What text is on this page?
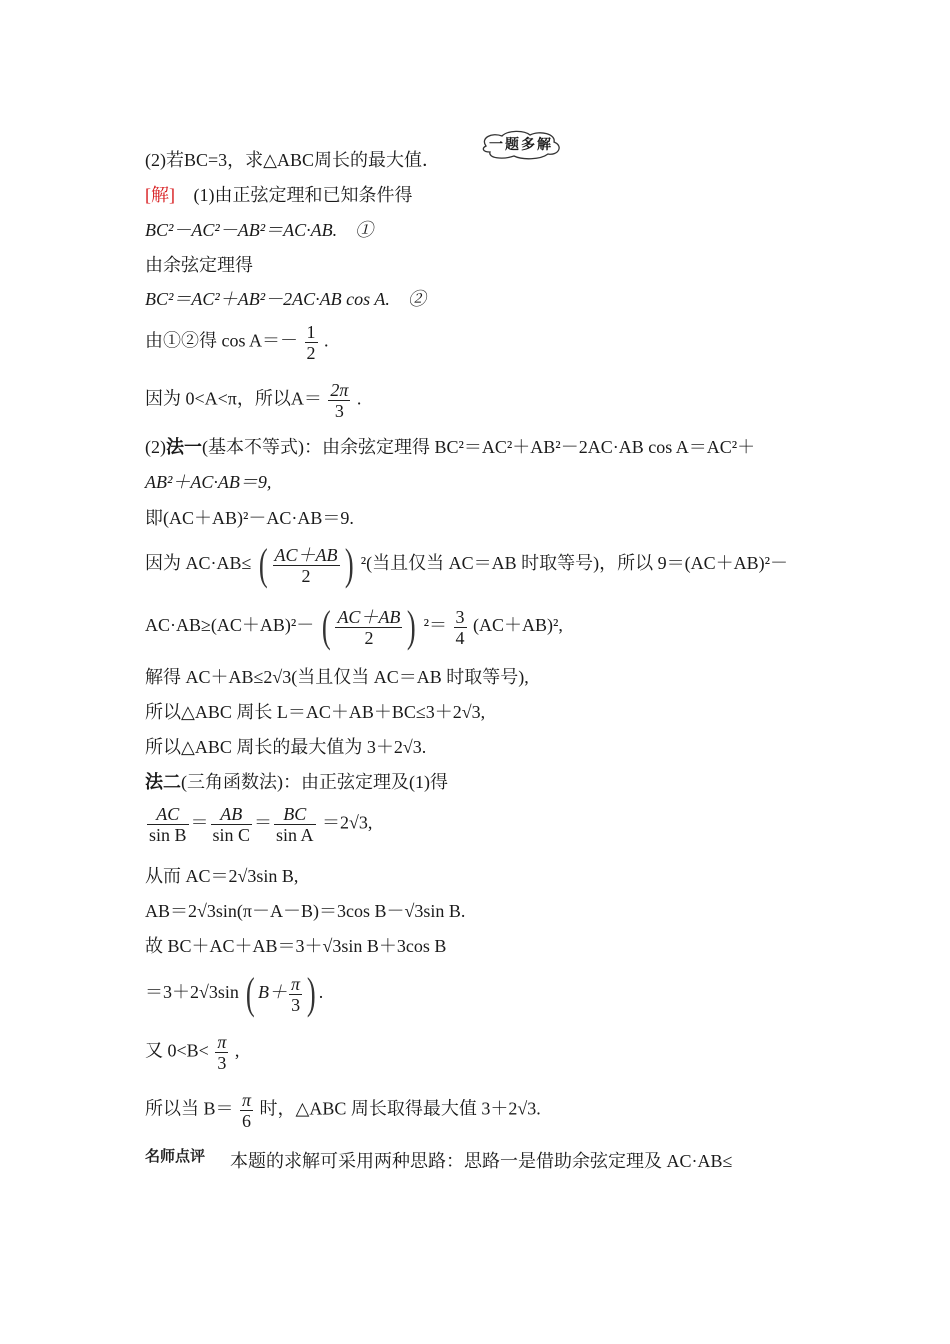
一题多解
(2)若BC=3，求△ABC周长的最大值．
[解] (1)由正弦定理和已知条件得
BC²－AC²－AB²＝AC·AB.　①
由余弦定理得
BC²＝AC²＋AB²－2AC·AB cos A.　②
由①②得 $\cos A=- \frac{1}{2}$ .
因为 0<A<π，所以$A= \frac{2\pi}{3}$ .
(2)法一(基本不等式)：由余弦定理得 BC²＝AC²＋AB²－2AC·AB cos A＝AC²＋
AB²＋AC·AB＝9,
即(AC＋AB)²－AC·AB＝9.
因为 AC·AB≤ ( $\frac{AC+AB}{2}$ ) ²(当且仅当 AC＝AB 时取等号)，所以 9＝(AC＋AB)²－
AC·AB≥(AC＋AB)²－ ( $\frac{AC+AB}{2}$ ) $^2= \frac{3}{4} (AC+AB)^2$,
解得 AC＋AB≤2√3(当且仅当 AC＝AB 时取等号),
所以△ABC 周长 L＝AC＋AB＋BC≤3＋2√3,
所以△ABC 周长的最大值为 3＋2√3.
法二(三角函数法)：由正弦定理及(1)得
$\frac{AC}{\text{sin B}} = \frac{AB}{\text{sin C}} = \frac{BC}{\text{sin A}} =2√3$,
从而 AC＝2√3sin B,
AB＝2√3sin(π－A－B)＝3cos B－√3sin B.
故 BC＋AC＋AB＝3＋√3sin B＋3cos B
＝3＋2√3sin ( $B+ \frac{\pi}{3}$ ) .
又 $0<B< \frac{\pi}{3}$ ,
所以当 $B= \frac{\pi}{6}$ 时，△ABC 周长取得最大值 3＋2√3.
名师点评 本题的求解可采用两种思路：思路一是借助余弦定理及 AC·AB≤
